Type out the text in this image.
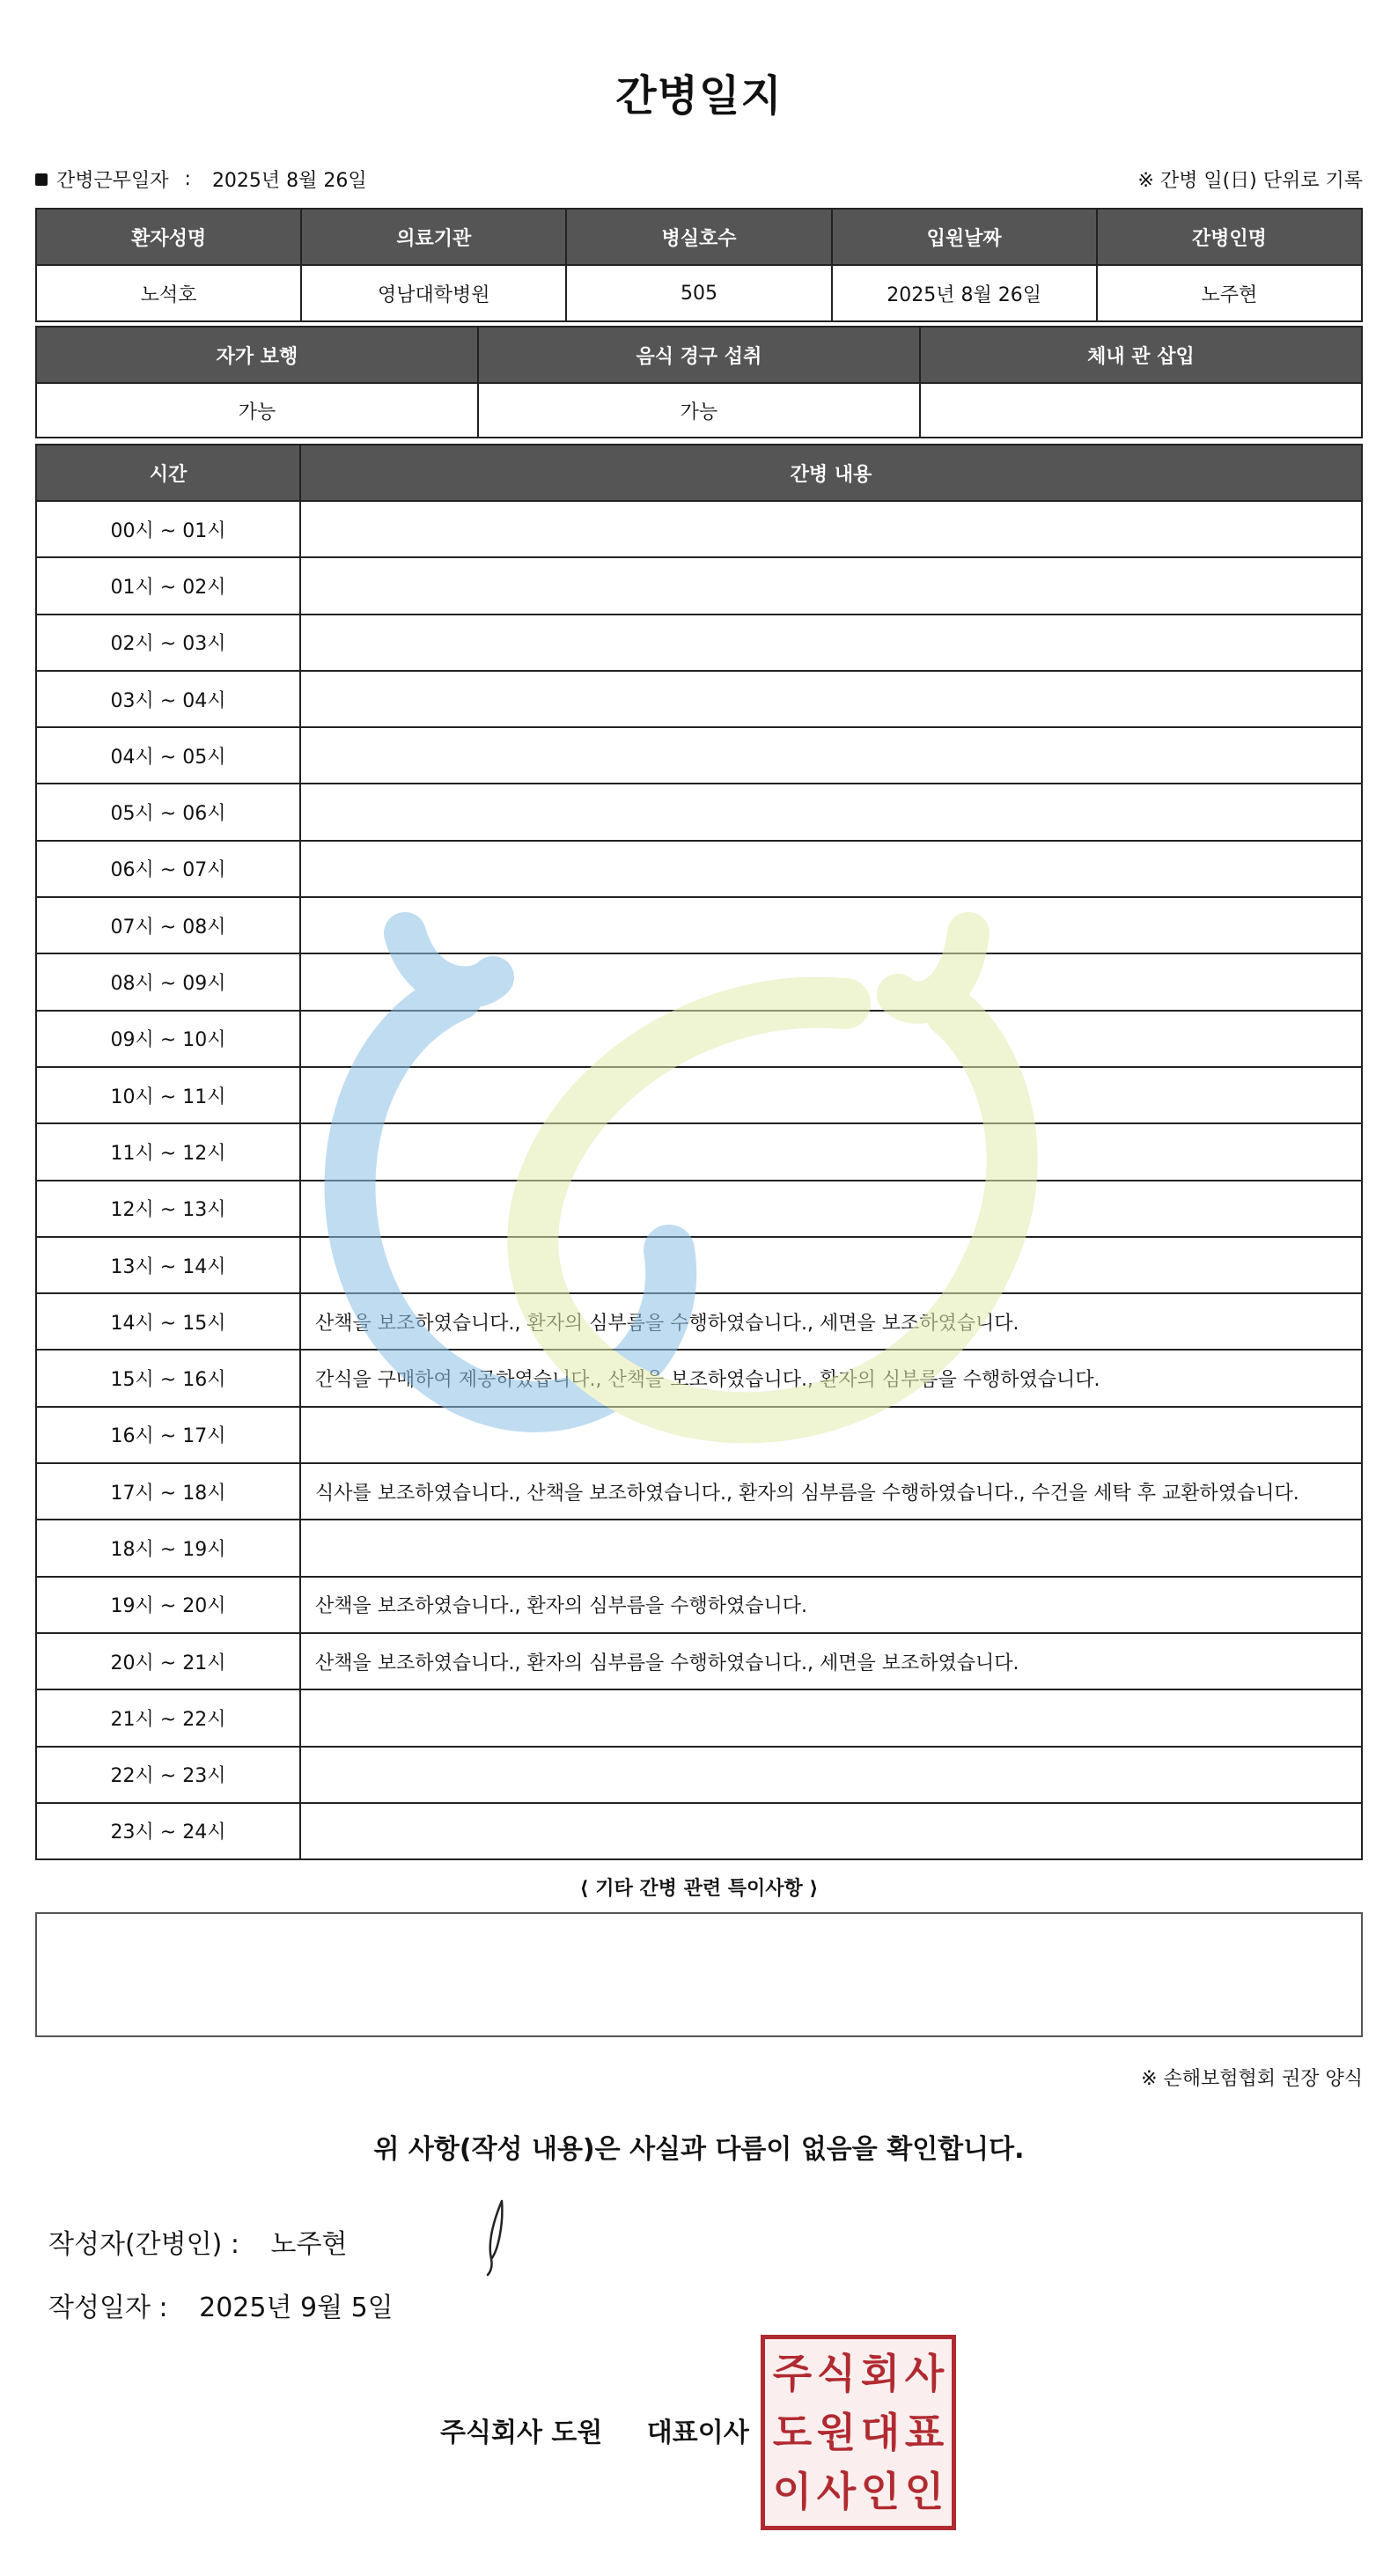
간병일지
간병근무일자 : 2025년 8월 26일	※ 간병 일(日) 단위로 기록
환자성명	의료기관	병실호수	입원날짜	간병인명
노석호	영남대학병원	505	2025년 8월 26일	노주현
자가 보행	음식 경구 섭취	체내 관 삽입
가능	가능	
시간	간병 내용
00시 ~ 01시	
01시 ~ 02시	
02시 ~ 03시	
03시 ~ 04시	
04시 ~ 05시	
05시 ~ 06시	
06시 ~ 07시	
07시 ~ 08시	
08시 ~ 09시	
09시 ~ 10시	
10시 ~ 11시	
11시 ~ 12시	
12시 ~ 13시	
13시 ~ 14시	
14시 ~ 15시	산책을 보조하였습니다., 환자의 심부름을 수행하였습니다., 세면을 보조하였습니다.
15시 ~ 16시	간식을 구매하여 제공하였습니다., 산책을 보조하였습니다., 환자의 심부름을 수행하였습니다.
16시 ~ 17시	
17시 ~ 18시	식사를 보조하였습니다., 산책을 보조하였습니다., 환자의 심부름을 수행하였습니다., 수건을 세탁 후 교환하였습니다.
18시 ~ 19시	
19시 ~ 20시	산책을 보조하였습니다., 환자의 심부름을 수행하였습니다.
20시 ~ 21시	산책을 보조하였습니다., 환자의 심부름을 수행하였습니다., 세면을 보조하였습니다.
21시 ~ 22시	
22시 ~ 23시	
23시 ~ 24시	
⟨ 기타 간병 관련 특이사항 ⟩
※ 손해보험협회 권장 양식
위 사항(작성 내용)은 사실과 다름이 없음을 확인합니다.
작성자(간병인) : 노주현
작성일자 : 2025년 9월 5일
주식회사 도원 대표이사
주 식 회 사
도 원 대 표
이 사 인 인
